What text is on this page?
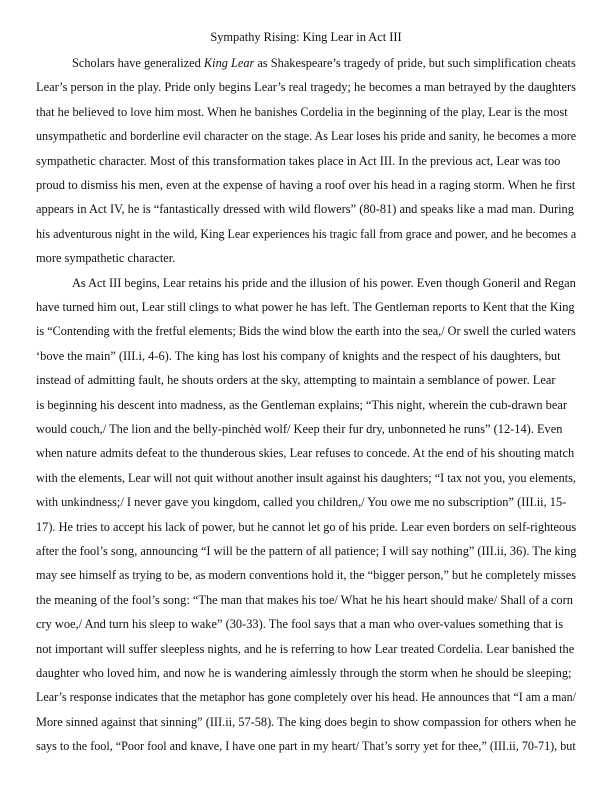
Sympathy Rising: King Lear in Act III
Scholars have generalized King Lear as Shakespeare’s tragedy of pride, but such simplification cheats
Lear’s person in the play. Pride only begins Lear’s real tragedy; he becomes a man betrayed by the daughters
that he believed to love him most. When he banishes Cordelia in the beginning of the play, Lear is the most
unsympathetic and borderline evil character on the stage. As Lear loses his pride and sanity, he becomes a more
sympathetic character. Most of this transformation takes place in Act III. In the previous act, Lear was too
proud to dismiss his men, even at the expense of having a roof over his head in a raging storm. When he first
appears in Act IV, he is “fantastically dressed with wild flowers” (80-81) and speaks like a mad man. During
his adventurous night in the wild, King Lear experiences his tragic fall from grace and power, and he becomes a
more sympathetic character.
As Act III begins, Lear retains his pride and the illusion of his power. Even though Goneril and Regan
have turned him out, Lear still clings to what power he has left. The Gentleman reports to Kent that the King
is “Contending with the fretful elements; Bids the wind blow the earth into the sea,/ Or swell the curled waters
‘bove the main” (III.i, 4-6). The king has lost his company of knights and the respect of his daughters, but
instead of admitting fault, he shouts orders at the sky, attempting to maintain a semblance of power. Lear
is beginning his descent into madness, as the Gentleman explains; “This night, wherein the cub-drawn bear
would couch,/ The lion and the belly-pinchèd wolf/ Keep their fur dry, unbonneted he runs” (12-14). Even
when nature admits defeat to the thunderous skies, Lear refuses to concede. At the end of his shouting match
with the elements, Lear will not quit without another insult against his daughters; “I tax not you, you elements,
with unkindness;/ I never gave you kingdom, called you children,/ You owe me no subscription” (III.ii, 15-
17). He tries to accept his lack of power, but he cannot let go of his pride. Lear even borders on self-righteous
after the fool’s song, announcing “I will be the pattern of all patience; I will say nothing” (III.ii, 36). The king
may see himself as trying to be, as modern conventions hold it, the “bigger person,” but he completely misses
the meaning of the fool’s song: “The man that makes his toe/ What he his heart should make/ Shall of a corn
cry woe,/ And turn his sleep to wake” (30-33). The fool says that a man who over-values something that is
not important will suffer sleepless nights, and he is referring to how Lear treated Cordelia. Lear banished the
daughter who loved him, and now he is wandering aimlessly through the storm when he should be sleeping;
Lear’s response indicates that the metaphor has gone completely over his head. He announces that “I am a man/
More sinned against that sinning” (III.ii, 57-58). The king does begin to show compassion for others when he
says to the fool, “Poor fool and knave, I have one part in my heart/ That’s sorry yet for thee,” (III.ii, 70-71), but
